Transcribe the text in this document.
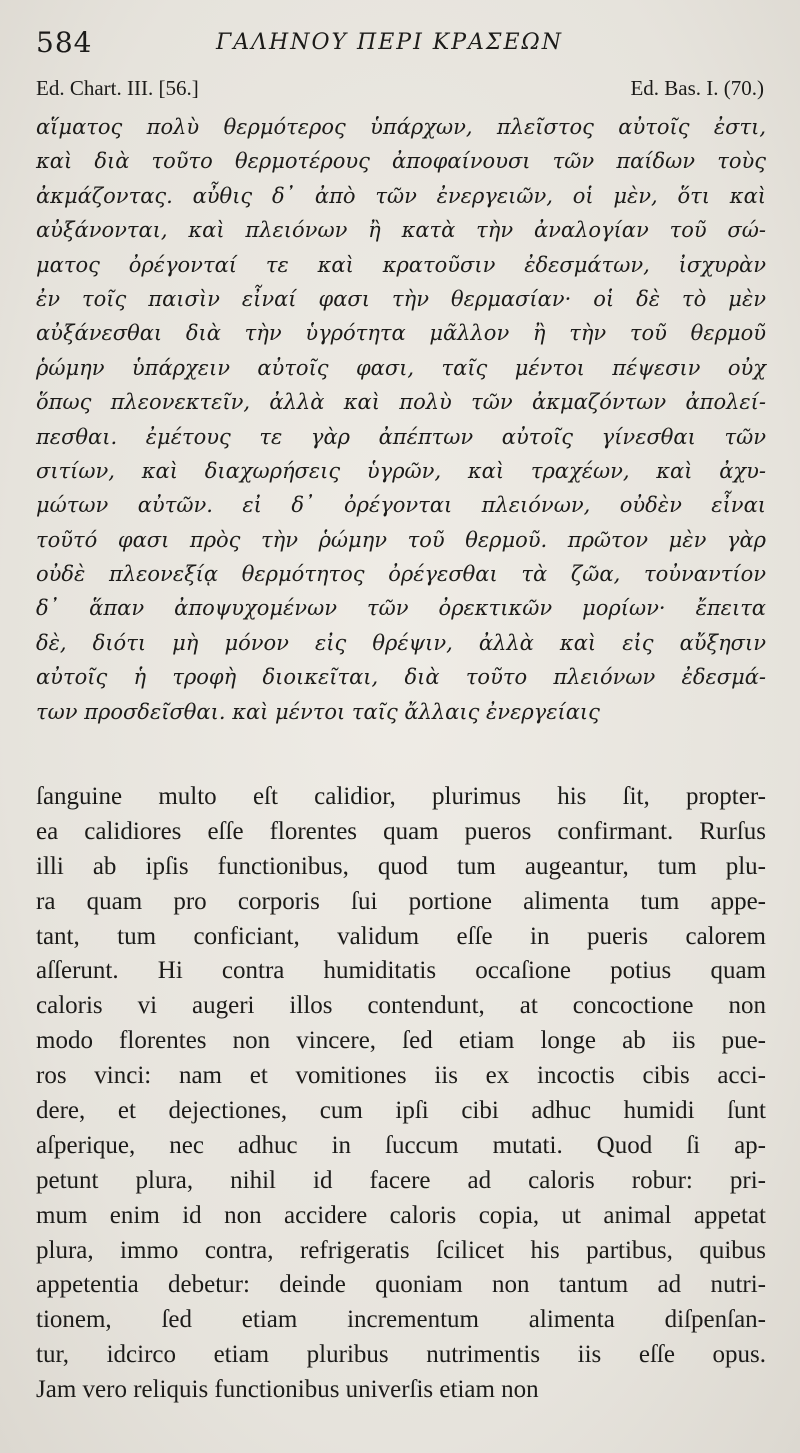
584	ΓΑΛΗΝΟΥ ΠΕΡΙ ΚΡΑΣΕΩΝ
Ed. Chart. III. [56.]	Ed. Bas. I. (70.)
αἵματος πολὺ θερμότερος ὑπάρχων, πλεῖστος αὐτοῖς ἐστι,
καὶ διὰ τοῦτο θερμοτέρους ἀποφαίνουσι τῶν παίδων τοὺς
ἀκμάζοντας. αὖθις δ᾽ ἀπὸ τῶν ἐνεργειῶν, οἱ μὲν, ὅτι καὶ
αὐξάνονται, καὶ πλειόνων ἢ κατὰ τὴν ἀναλογίαν τοῦ σώ-
ματος ὀρέγονταί τε καὶ κρατοῦσιν ἐδεσμάτων, ἰσχυρὰν
ἐν τοῖς παισὶν εἶναί φασι τὴν θερμασίαν· οἱ δὲ τὸ μὲν
αὐξάνεσθαι διὰ τὴν ὑγρότητα μᾶλλον ἢ τὴν τοῦ θερμοῦ
ῥώμην ὑπάρχειν αὐτοῖς φασι, ταῖς μέντοι πέψεσιν οὐχ
ὅπως πλεονεκτεῖν, ἀλλὰ καὶ πολὺ τῶν ἀκμαζόντων ἀπολεί-
πεσθαι. ἐμέτους τε γὰρ ἀπέπτων αὐτοῖς γίνεσθαι τῶν
σιτίων, καὶ διαχωρήσεις ὑγρῶν, καὶ τραχέων, καὶ ἀχυ-
μώτων αὐτῶν. εἰ δ᾽ ὀρέγονται πλειόνων, οὐδὲν εἶναι
τοῦτό φασι πρὸς τὴν ῥώμην τοῦ θερμοῦ. πρῶτον μὲν γὰρ
οὐδὲ πλεονεξίᾳ θερμότητος ὀρέγεσθαι τὰ ζῶα, τοὐναντίον
δ᾽ ἅπαν ἀποψυχομένων τῶν ὀρεκτικῶν μορίων· ἔπειτα
δὲ, διότι μὴ μόνον εἰς θρέψιν, ἀλλὰ καὶ εἰς αὔξησιν
αὐτοῖς ἡ τροφὴ διοικεῖται, διὰ τοῦτο πλειόνων ἐδεσμά-
των προσδεῖσθαι. καὶ μέντοι ταῖς ἄλλαις ἐνεργείαις
ſanguine multo eſt calidior, plurimus his ſit, propter-
ea calidiores eſſe florentes quam pueros confirmant. Rurſus
illi ab ipſis functionibus, quod tum augeantur, tum plu-
ra quam pro corporis ſui portione alimenta tum appe-
tant, tum conficiant, validum eſſe in pueris calorem
aſſerunt. Hi contra humiditatis occaſione potius quam
caloris vi augeri illos contendunt, at concoctione non
modo florentes non vincere, ſed etiam longe ab iis pue-
ros vinci: nam et vomitiones iis ex incoctis cibis acci-
dere, et dejectiones, cum ipſi cibi adhuc humidi ſunt
aſperique, nec adhuc in ſuccum mutati. Quod ſi ap-
petunt plura, nihil id facere ad caloris robur: pri-
mum enim id non accidere caloris copia, ut animal appetat
plura, immo contra, refrigeratis ſcilicet his partibus, quibus
appetentia debetur: deinde quoniam non tantum ad nutri-
tionem, ſed etiam incrementum alimenta diſpenſan-
tur, idcirco etiam pluribus nutrimentis iis eſſe opus.
Jam vero reliquis functionibus univerſis etiam non
